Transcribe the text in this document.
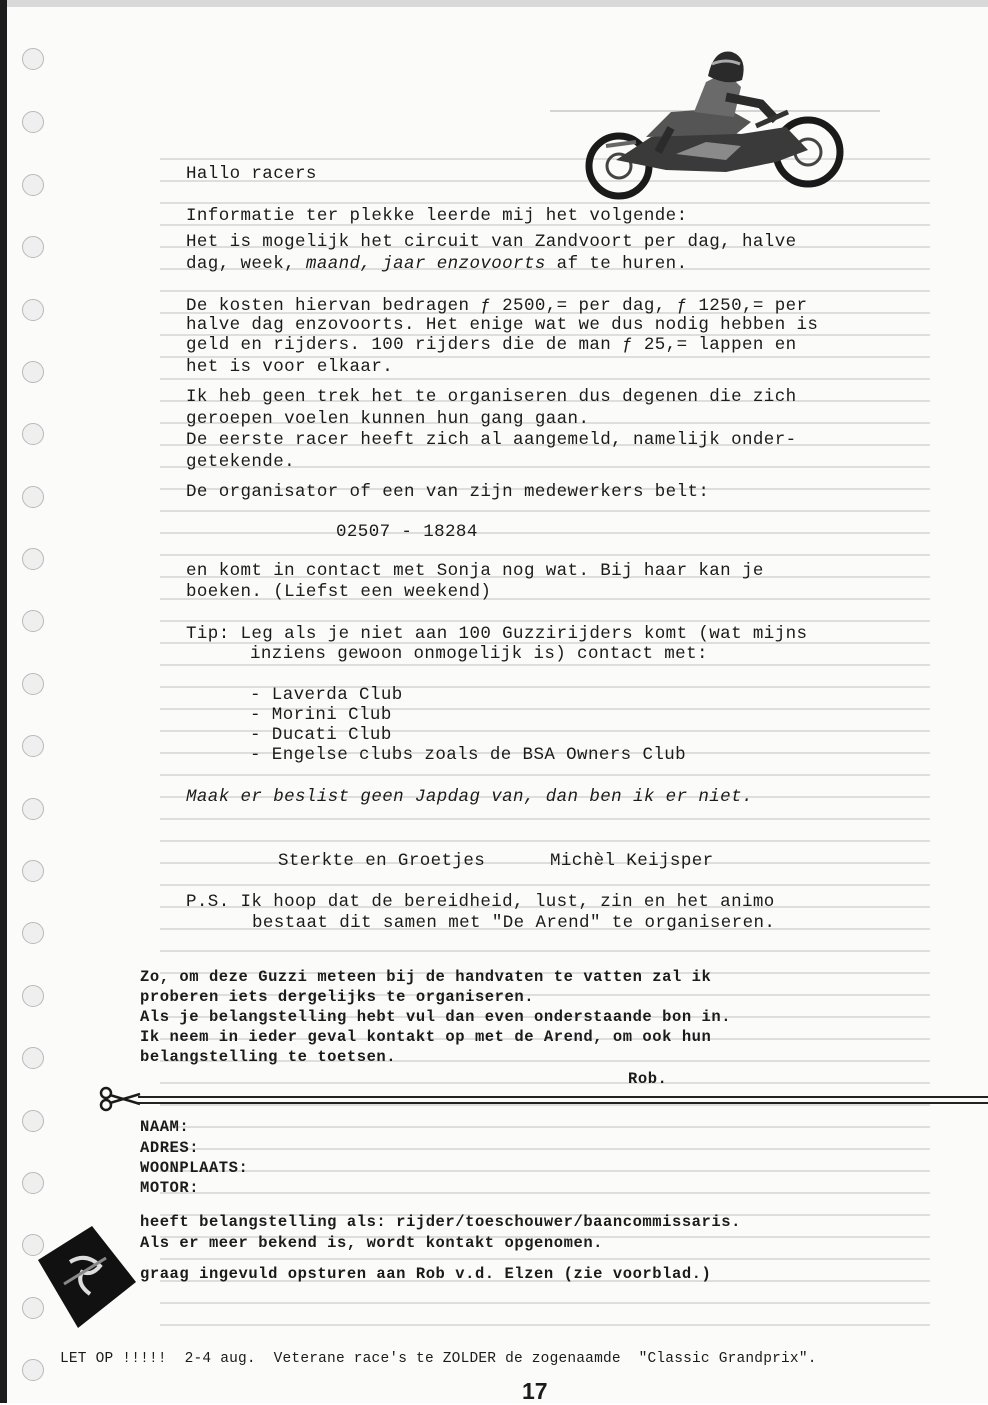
Hallo racers
Informatie ter plekke leerde mij het volgende:
Het is mogelijk het circuit van Zandvoort per dag, halve
dag, week, maand, jaar enzovoorts af te huren.
De kosten hiervan bedragen ƒ 2500,= per dag, ƒ 1250,= per
halve dag enzovoorts. Het enige wat we dus nodig hebben is
geld en rijders. 100 rijders die de man ƒ 25,= lappen en
het is voor elkaar.
Ik heb geen trek het te organiseren dus degenen die zich
geroepen voelen kunnen hun gang gaan.
De eerste racer heeft zich al aangemeld, namelijk onder-
getekende.
De organisator of een van zijn medewerkers belt:
02507 - 18284
en komt in contact met Sonja nog wat. Bij haar kan je
boeken. (Liefst een weekend)
Tip: Leg als je niet aan 100 Guzzirijders komt (wat mijns
inziens gewoon onmogelijk is) contact met:
- Laverda Club
- Morini Club
- Ducati Club
- Engelse clubs zoals de BSA Owners Club
Maak er beslist geen Japdag van, dan ben ik er niet.
Sterkte en Groetjes	Michèl Keijsper
P.S. Ik hoop dat de bereidheid, lust, zin en het animo
bestaat dit samen met "De Arend" te organiseren.
Zo, om deze Guzzi meteen bij de handvaten te vatten zal ik
proberen iets dergelijks te organiseren.
Als je belangstelling hebt vul dan even onderstaande bon in.
Ik neem in ieder geval kontakt op met de Arend, om ook hun
belangstelling te toetsen.
Rob.
NAAM:
ADRES:
WOONPLAATS:
MOTOR:
heeft belangstelling als: rijder/toeschouwer/baancommissaris.
Als er meer bekend is, wordt kontakt opgenomen.
graag ingevuld opsturen aan Rob v.d. Elzen (zie voorblad.)
LET OP !!!!!  2-4 aug.  Veterane race's te ZOLDER de zogenaamde  "Classic Grandprix".
17
